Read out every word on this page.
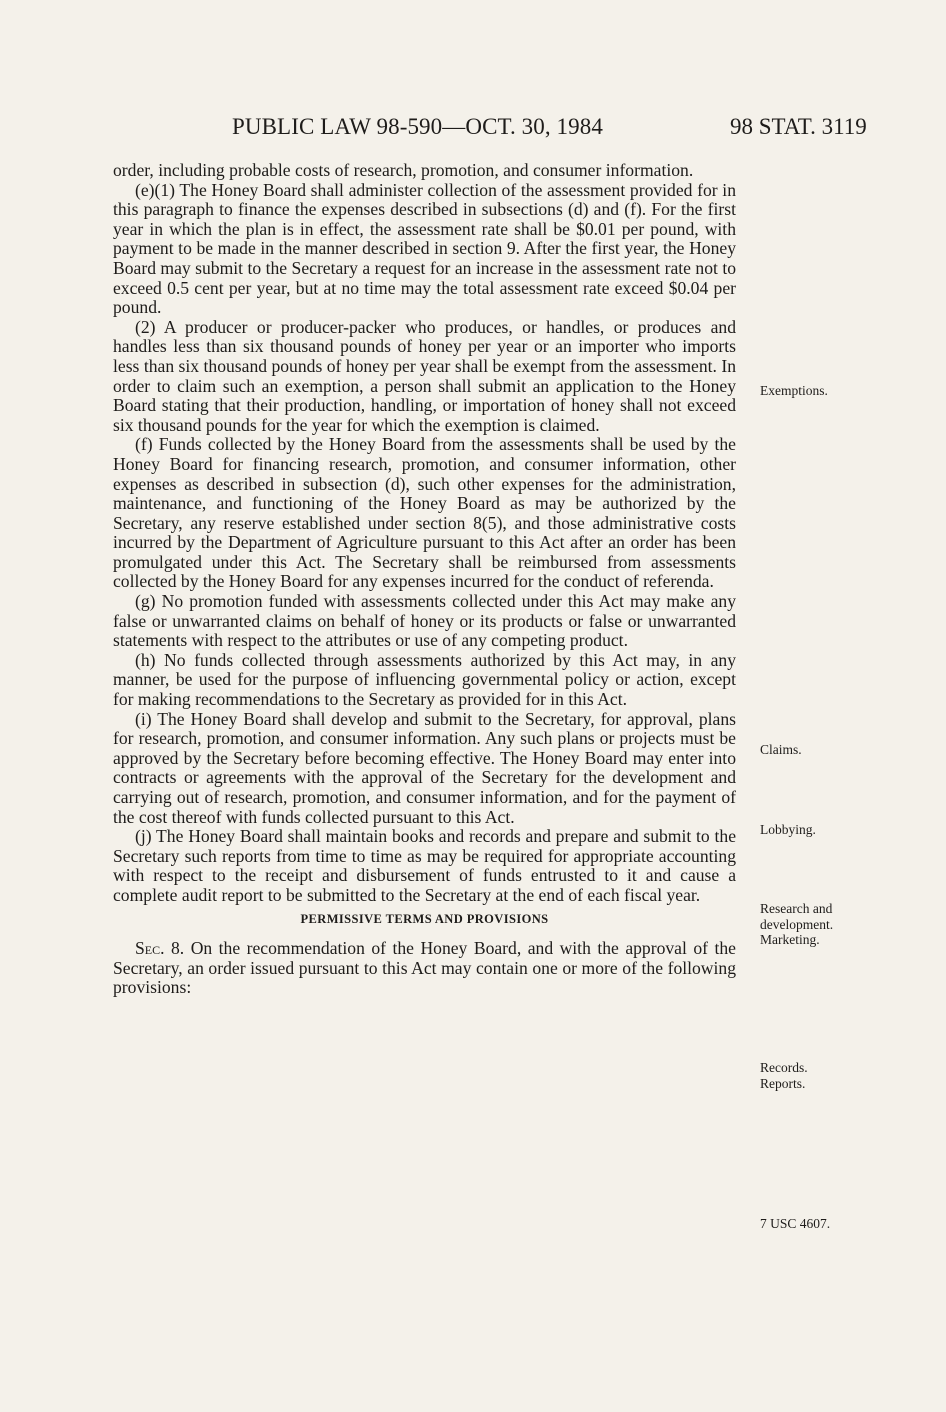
PUBLIC LAW 98-590—OCT. 30, 1984	98 STAT. 3119

order, including probable costs of research, promotion, and consumer information.

(e)(1) The Honey Board shall administer collection of the assessment provided for in this paragraph to finance the expenses described in subsections (d) and (f). For the first year in which the plan is in effect, the assessment rate shall be $0.01 per pound, with payment to be made in the manner described in section 9. After the first year, the Honey Board may submit to the Secretary a request for an increase in the assessment rate not to exceed 0.5 cent per year, but at no time may the total assessment rate exceed $0.04 per pound.

(2) A producer or producer-packer who produces, or handles, or produces and handles less than six thousand pounds of honey per year or an importer who imports less than six thousand pounds of honey per year shall be exempt from the assessment. In order to claim such an exemption, a person shall submit an application to the Honey Board stating that their production, handling, or importation of honey shall not exceed six thousand pounds for the year for which the exemption is claimed.

(f) Funds collected by the Honey Board from the assessments shall be used by the Honey Board for financing research, promotion, and consumer information, other expenses as described in subsection (d), such other expenses for the administration, maintenance, and functioning of the Honey Board as may be authorized by the Secretary, any reserve established under section 8(5), and those administrative costs incurred by the Department of Agriculture pursuant to this Act after an order has been promulgated under this Act. The Secretary shall be reimbursed from assessments collected by the Honey Board for any expenses incurred for the conduct of referenda.

(g) No promotion funded with assessments collected under this Act may make any false or unwarranted claims on behalf of honey or its products or false or unwarranted statements with respect to the attributes or use of any competing product.

(h) No funds collected through assessments authorized by this Act may, in any manner, be used for the purpose of influencing governmental policy or action, except for making recommendations to the Secretary as provided for in this Act.

(i) The Honey Board shall develop and submit to the Secretary, for approval, plans for research, promotion, and consumer information. Any such plans or projects must be approved by the Secretary before becoming effective. The Honey Board may enter into contracts or agreements with the approval of the Secretary for the development and carrying out of research, promotion, and consumer information, and for the payment of the cost thereof with funds collected pursuant to this Act.

(j) The Honey Board shall maintain books and records and prepare and submit to the Secretary such reports from time to time as may be required for appropriate accounting with respect to the receipt and disbursement of funds entrusted to it and cause a complete audit report to be submitted to the Secretary at the end of each fiscal year.

PERMISSIVE TERMS AND PROVISIONS

Sec. 8. On the recommendation of the Honey Board, and with the approval of the Secretary, an order issued pursuant to this Act may contain one or more of the following provisions:

Exemptions.
Claims.
Lobbying.
Research and
development.
Marketing.
Records.
Reports.
7 USC 4607.
